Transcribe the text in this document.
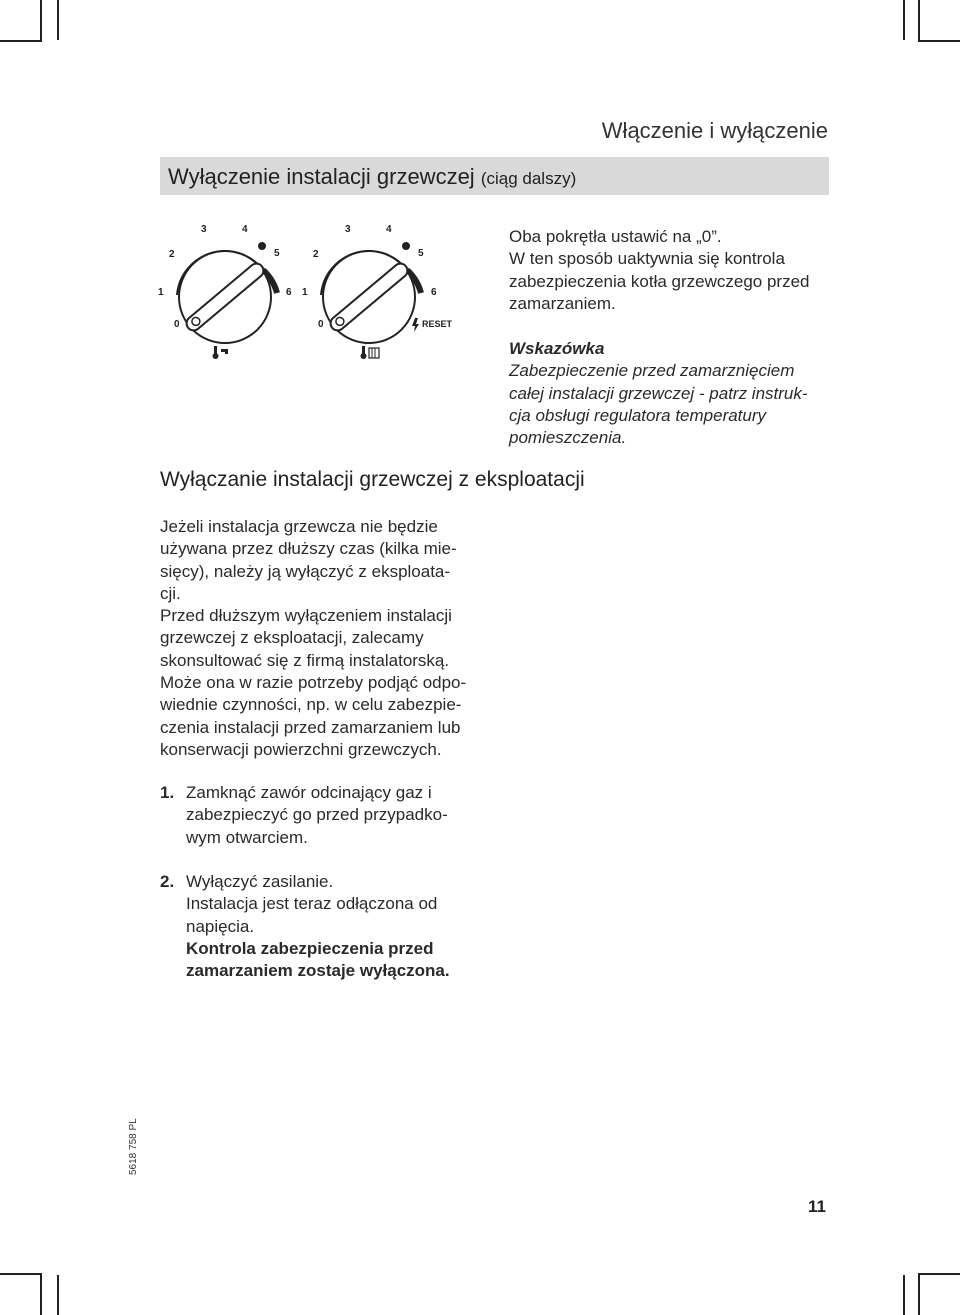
Włączenie i wyłączenie
Wyłączenie instalacji grzewczej (ciąg dalszy)
0
1
2
3	4
5
6
0
1
2
3	4
5
6
RESET
Oba pokrętła ustawić na „0”.
W ten sposób uaktywnia się kontrola
zabezpieczenia kotła grzewczego przed
zamarzaniem.
Wskazówka
Zabezpieczenie przed zamarznięciem
całej instalacji grzewczej - patrz instruk-
cja obsługi regulatora temperatury
pomieszczenia.
Wyłączanie instalacji grzewczej z eksploatacji
Jeżeli instalacja grzewcza nie będzie
używana przez dłuższy czas (kilka mie-
sięcy), należy ją wyłączyć z eksploata-
cji.
Przed dłuższym wyłączeniem instalacji
grzewczej z eksploatacji, zalecamy
skonsultować się z firmą instalatorską.
Może ona w razie potrzeby podjąć odpo-
wiednie czynności, np. w celu zabezpie-
czenia instalacji przed zamarzaniem lub
konserwacji powierzchni grzewczych.
1. Zamknąć zawór odcinający gaz i
zabezpieczyć go przed przypadko-
wym otwarciem.
2. Wyłączyć zasilanie.
Instalacja jest teraz odłączona od
napięcia.
Kontrola zabezpieczenia przed
zamarzaniem zostaje wyłączona.
5618 758 PL
11
